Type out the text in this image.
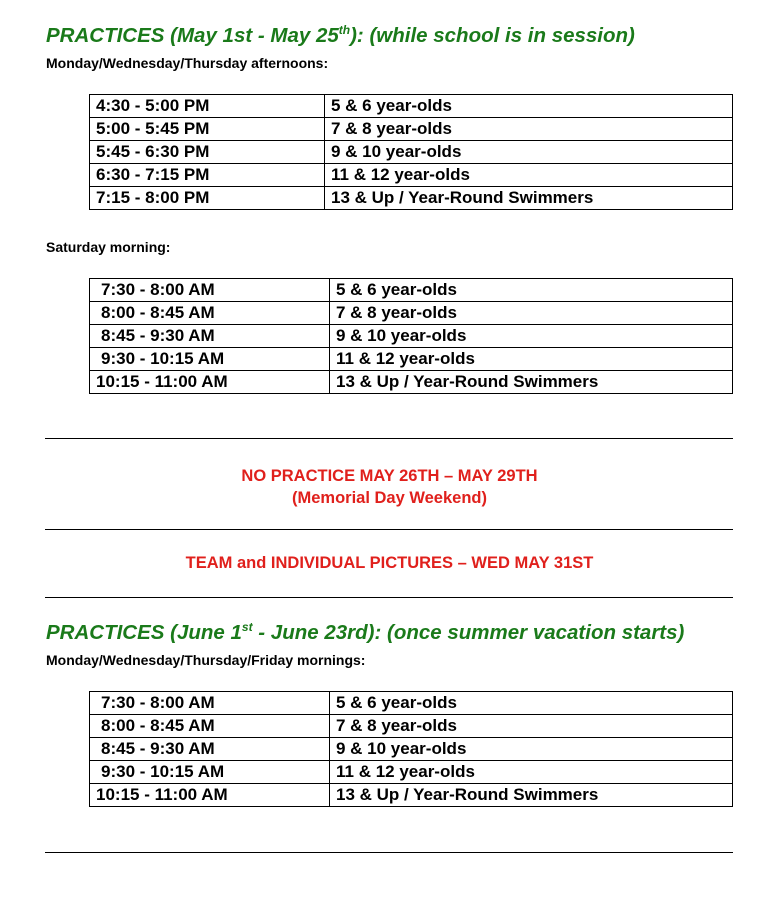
PRACTICES (May 1st - May 25th): (while school is in session)

Monday/Wednesday/Thursday afternoons:

4:30 - 5:00 PM	5 & 6 year-olds
5:00 - 5:45 PM	7 & 8 year-olds
5:45 - 6:30 PM	9 & 10 year-olds
6:30 - 7:15 PM	11 & 12 year-olds
7:15 - 8:00 PM	13 & Up / Year-Round Swimmers

Saturday morning:

7:30 - 8:00 AM	5 & 6 year-olds
8:00 - 8:45 AM	7 & 8 year-olds
8:45 - 9:30 AM	9 & 10 year-olds
9:30 - 10:15 AM	11 & 12 year-olds
10:15 - 11:00 AM	13 & Up / Year-Round Swimmers

NO PRACTICE MAY 26TH – MAY 29TH

(Memorial Day Weekend)

TEAM and INDIVIDUAL PICTURES – WED MAY 31ST

PRACTICES (June 1st - June 23rd): (once summer vacation starts)

Monday/Wednesday/Thursday/Friday mornings:

7:30 - 8:00 AM	5 & 6 year-olds
8:00 - 8:45 AM	7 & 8 year-olds
8:45 - 9:30 AM	9 & 10 year-olds
9:30 - 10:15 AM	11 & 12 year-olds
10:15 - 11:00 AM	13 & Up / Year-Round Swimmers
